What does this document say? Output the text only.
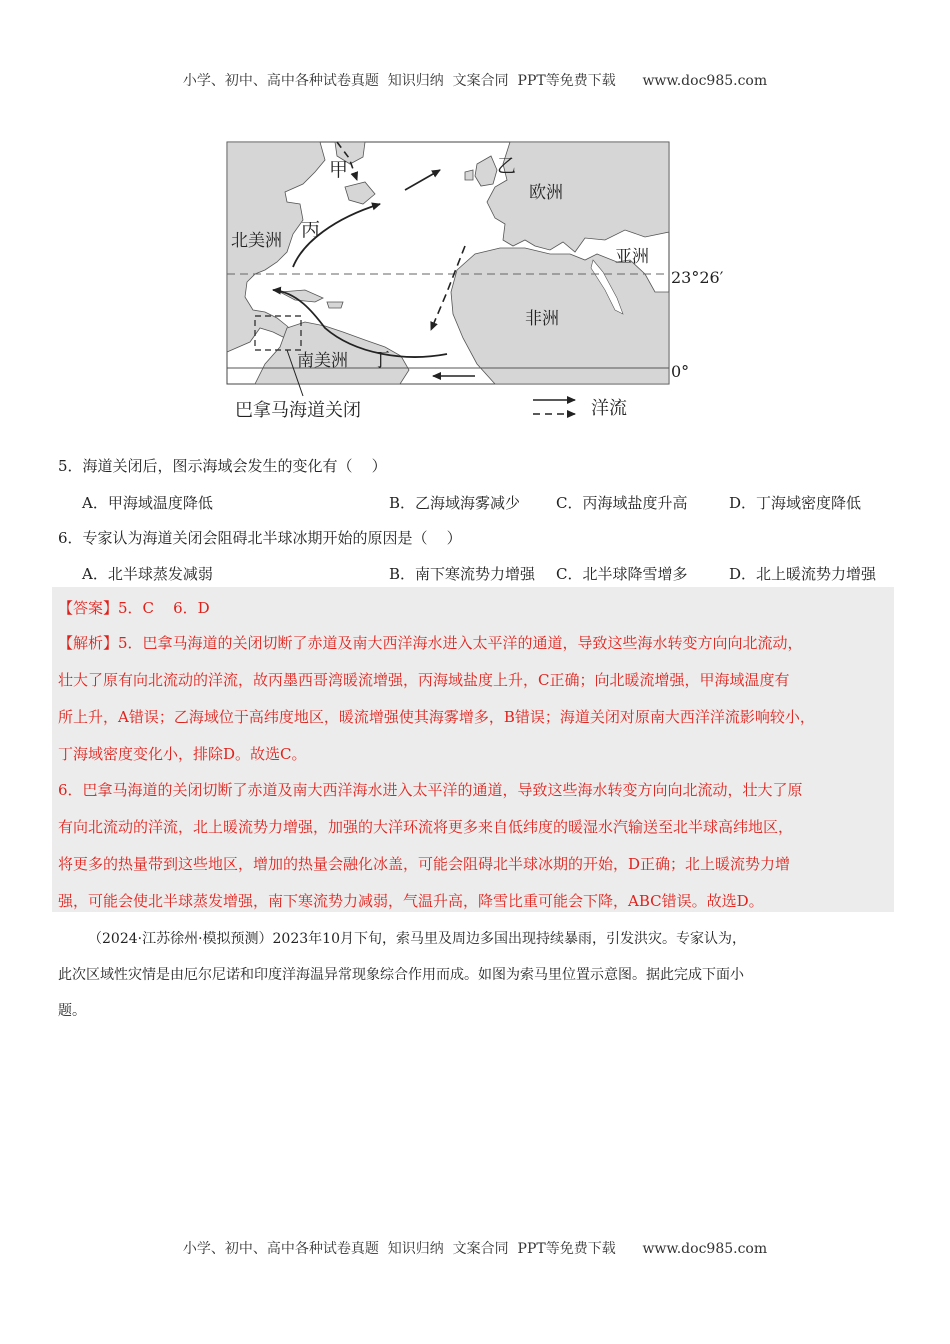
小学、初中、高中各种试卷真题  知识归纳  文案合同  PPT等免费下载      www.doc985.com
甲	乙
欧洲
丙
北美洲
亚洲
23°26′
非洲
南美洲 丁
0°
巴拿马海道关闭	洋流
5．海道关闭后，图示海域会发生的变化有（    ）
A．甲海域温度降低	B．乙海域海雾减少 C．丙海域盐度升高	D．丁海域密度降低
6．专家认为海道关闭会阻碍北半球冰期开始的原因是（    ）
A．北半球蒸发减弱	B．南下寒流势力增强 C．北半球降雪增多	D．北上暖流势力增强
【答案】5．C    6．D
【解析】5．巴拿马海道的关闭切断了赤道及南大西洋海水进入太平洋的通道，导致这些海水转变方向向北流动，
壮大了原有向北流动的洋流，故丙墨西哥湾暖流增强，丙海域盐度上升，C正确；向北暖流增强，甲海域温度有
所上升，A错误；乙海域位于高纬度地区，暖流增强使其海雾增多，B错误；海道关闭对原南大西洋洋流影响较小，
丁海域密度变化小，排除D。故选C。
6．巴拿马海道的关闭切断了赤道及南大西洋海水进入太平洋的通道，导致这些海水转变方向向北流动，壮大了原
有向北流动的洋流，北上暖流势力增强，加强的大洋环流将更多来自低纬度的暖湿水汽输送至北半球高纬地区，
将更多的热量带到这些地区，增加的热量会融化冰盖，可能会阻碍北半球冰期的开始，D正确；北上暖流势力增
强，可能会使北半球蒸发增强，南下寒流势力减弱，气温升高，降雪比重可能会下降，ABC错误。故选D。
（2024·江苏徐州·模拟预测）2023年10月下旬，索马里及周边多国出现持续暴雨，引发洪灾。专家认为，
此次区域性灾情是由厄尔尼诺和印度洋海温异常现象综合作用而成。如图为索马里位置示意图。据此完成下面小
题。
小学、初中、高中各种试卷真题  知识归纳  文案合同  PPT等免费下载      www.doc985.com
